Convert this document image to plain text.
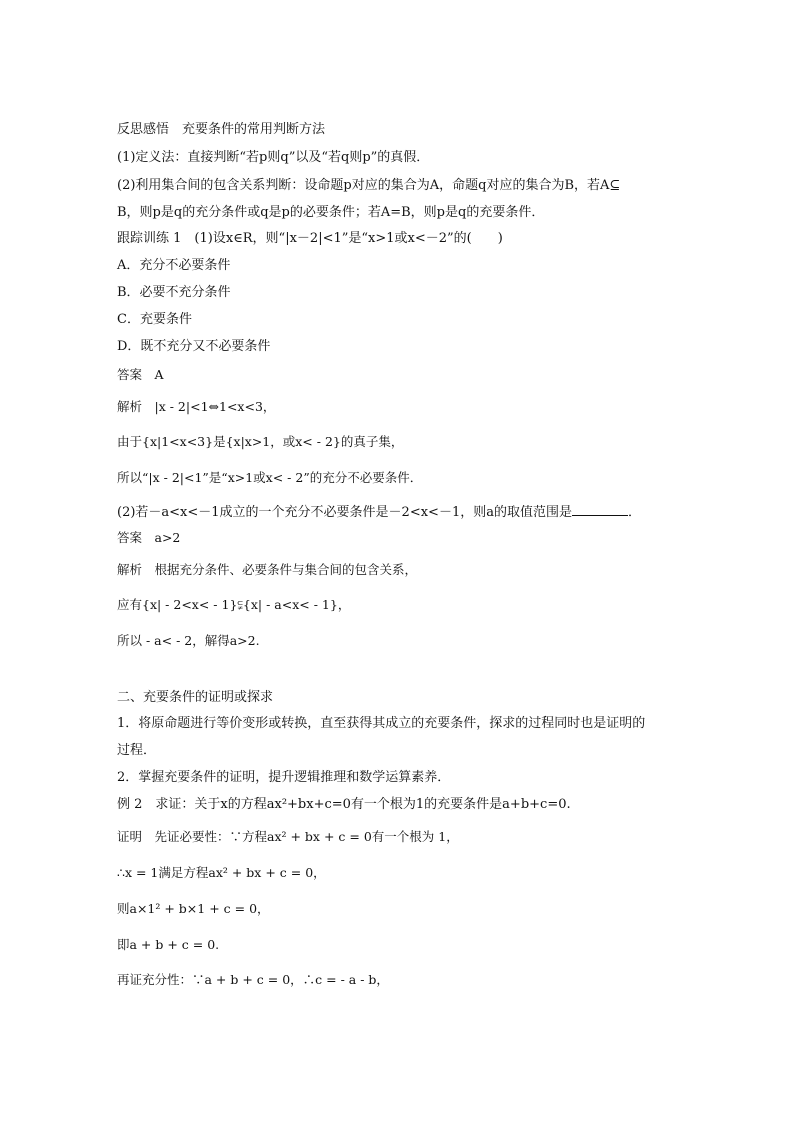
反思感悟　充要条件的常用判断方法
(1)定义法：直接判断“若p则q”以及“若q则p”的真假．
(2)利用集合间的包含关系判断：设命题p对应的集合为A，命题q对应的集合为B，若A⊆
B，则p是q的充分条件或q是p的必要条件；若A=B，则p是q的充要条件．
跟踪训练 1　(1)设x∈R，则“|x－2|<1”是“x>1或x<－2”的(　　)
A．充分不必要条件
B．必要不充分条件
C．充要条件
D．既不充分又不必要条件
答案　A
解析　|x - 2|<1⇔1<x<3，
由于{x|1<x<3}是{x|x>1，或x< - 2}的真子集，
所以“|x - 2|<1”是“x>1或x< - 2”的充分不必要条件．
(2)若－a<x<－1成立的一个充分不必要条件是－2<x<－1，则a的取值范围是	．
答案　a>2
解析　根据充分条件、必要条件与集合间的包含关系，
应有{x| - 2<x< - 1}⫋{x| - a<x< - 1}，
所以 - a< - 2，解得a>2.
二、充要条件的证明或探求
1．将原命题进行等价变形或转换，直至获得其成立的充要条件，探求的过程同时也是证明的
过程．
2．掌握充要条件的证明，提升逻辑推理和数学运算素养．
例 2　求证：关于x的方程ax²+bx+c=0有一个根为1的充要条件是a+b+c=0.
证明　先证必要性：∵方程ax² + bx + c = 0有一个根为 1，
∴x = 1满足方程ax² + bx + c = 0，
则a×1² + b×1 + c = 0，
即a + b + c = 0.
再证充分性：∵a + b + c = 0，∴c = - a - b，
